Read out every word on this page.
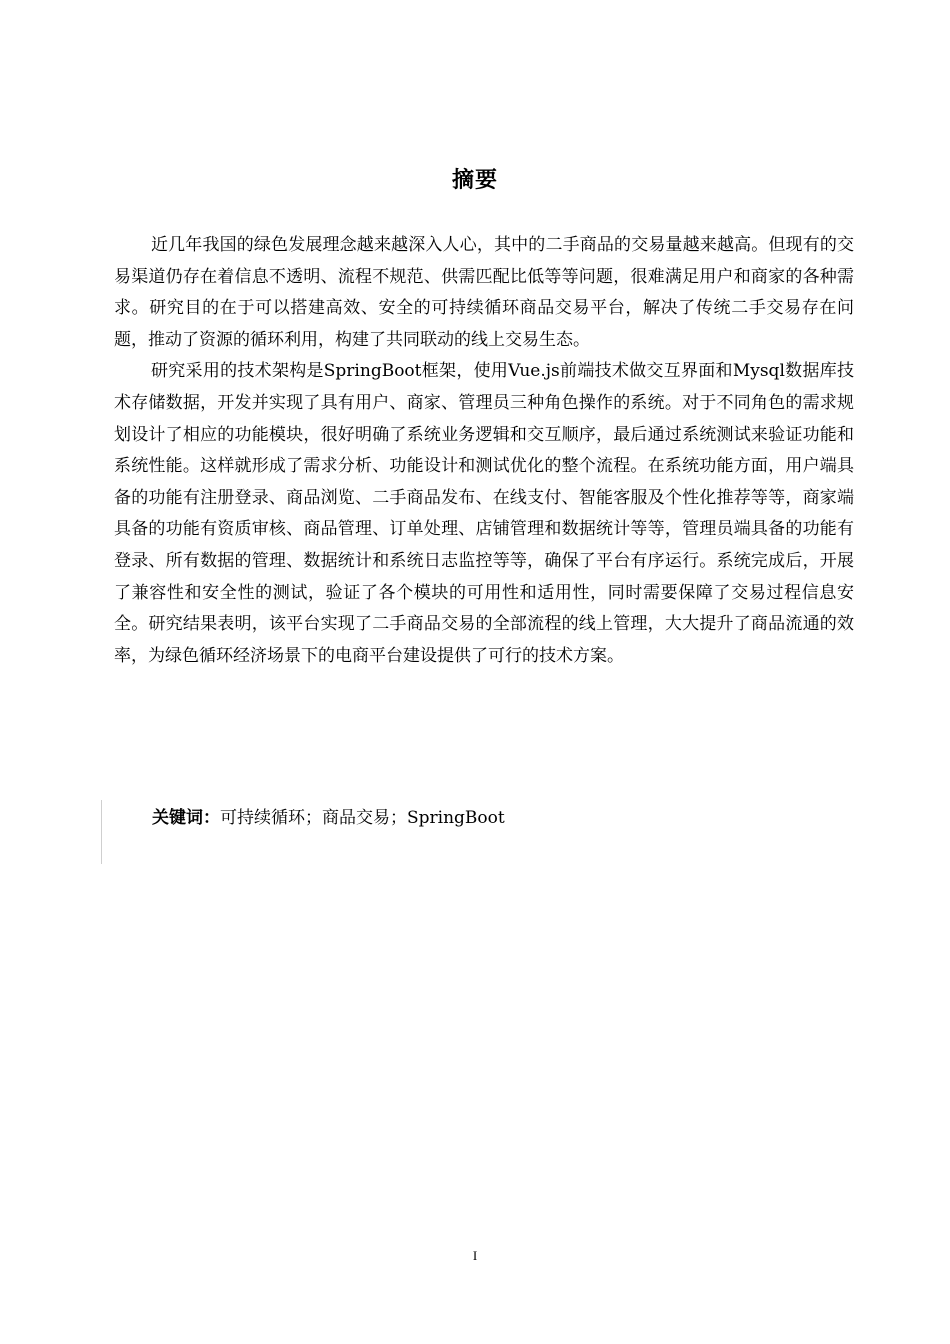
摘要

近几年我国的绿色发展理念越来越深入人心，其中的二手商品的交易量越来越高。但现有的交易渠道仍存在着信息不透明、流程不规范、供需匹配比低等等问题，很难满足用户和商家的各种需求。研究目的在于可以搭建高效、安全的可持续循环商品交易平台，解决了传统二手交易存在问题，推动了资源的循环利用，构建了共同联动的线上交易生态。

研究采用的技术架构是SpringBoot框架，使用Vue.js前端技术做交互界面和Mysql数据库技术存储数据，开发并实现了具有用户、商家、管理员三种角色操作的系统。对于不同角色的需求规划设计了相应的功能模块，很好明确了系统业务逻辑和交互顺序，最后通过系统测试来验证功能和系统性能。这样就形成了需求分析、功能设计和测试优化的整个流程。在系统功能方面，用户端具备的功能有注册登录、商品浏览、二手商品发布、在线支付、智能客服及个性化推荐等等，商家端具备的功能有资质审核、商品管理、订单处理、店铺管理和数据统计等等，管理员端具备的功能有登录、所有数据的管理、数据统计和系统日志监控等等，确保了平台有序运行。系统完成后，开展了兼容性和安全性的测试，验证了各个模块的可用性和适用性，同时需要保障了交易过程信息安全。研究结果表明，该平台实现了二手商品交易的全部流程的线上管理，大大提升了商品流通的效率，为绿色循环经济场景下的电商平台建设提供了可行的技术方案。

关键词：可持续循环；商品交易；SpringBoot
I
